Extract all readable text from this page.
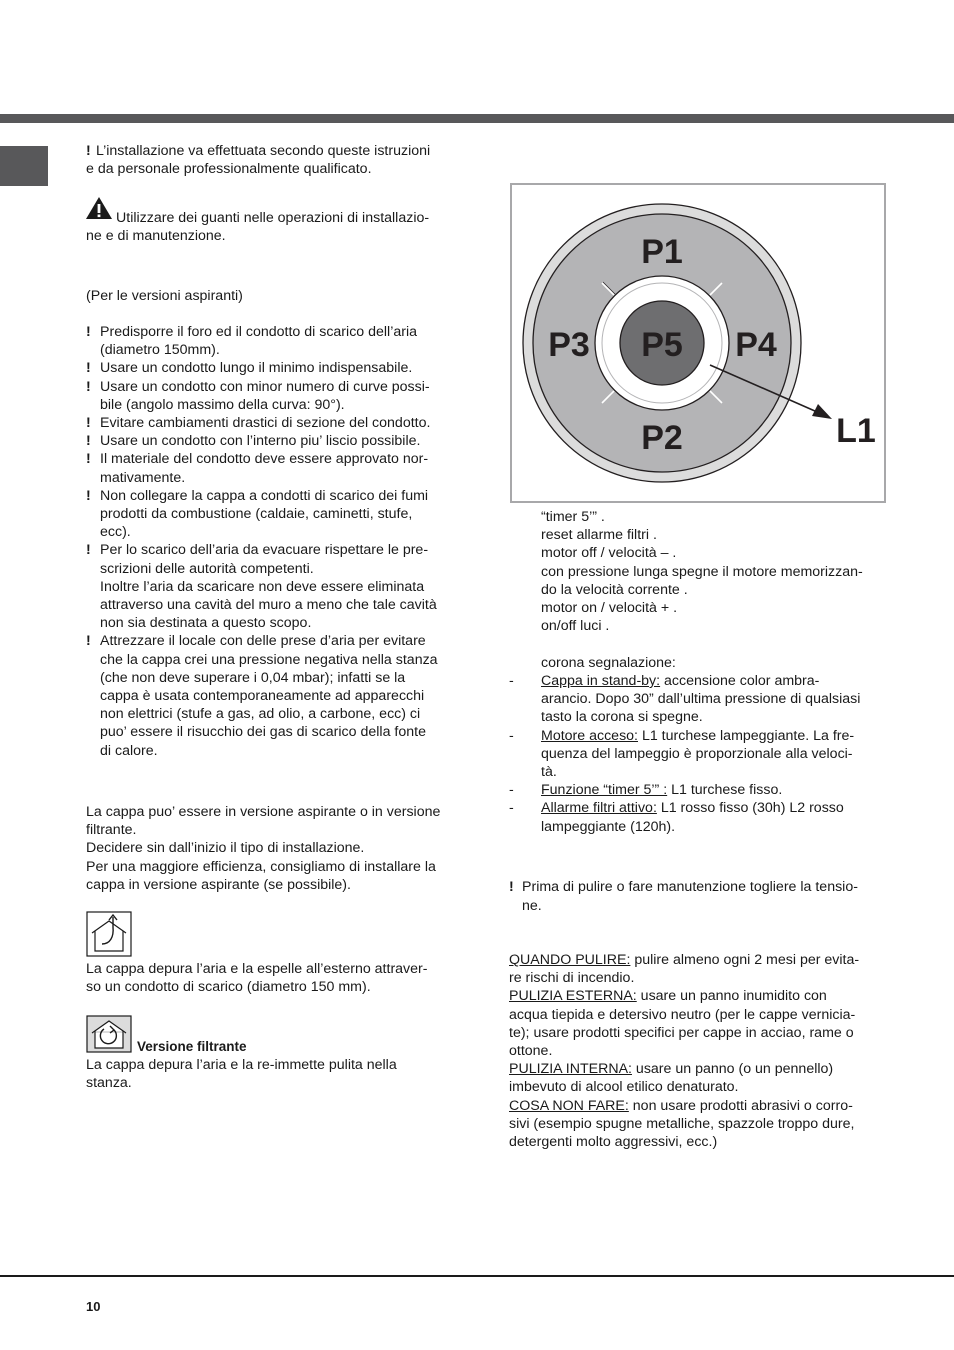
! L’installazione va effettuata secondo queste istruzioni
e da personale professionalmente qualificato.
Utilizzare dei guanti nelle operazioni di installazio-
ne e di manutenzione.
(Per le versioni aspiranti)
! Predisporre il foro ed il condotto di scarico dell’aria
(diametro 150mm).
! Usare un condotto lungo il minimo indispensabile.
! Usare un condotto con minor numero di curve possi-
bile (angolo massimo della curva: 90°).
! Evitare cambiamenti drastici di sezione del condotto.
! Usare un condotto con l’interno piu’ liscio possibile.
! Il materiale del condotto deve essere approvato nor-
mativamente.
! Non collegare la cappa a condotti di scarico dei fumi
prodotti da combustione (caldaie, caminetti, stufe,
ecc).
! Per lo scarico dell’aria da evacuare rispettare le pre-
scrizioni delle autorità competenti.
Inoltre l’aria da scaricare non deve essere eliminata
attraverso una cavità del muro a meno che tale cavità
non sia destinata a questo scopo.
! Attrezzare il locale con delle prese d’aria per evitare
che la cappa crei una pressione negativa nella stanza
(che non deve superare i 0,04 mbar); infatti se la
cappa è usata contemporaneamente ad apparecchi
non elettrici (stufe a gas, ad olio, a carbone, ecc) ci
puo’ essere il risucchio dei gas di scarico della fonte
di calore.
La cappa puo’ essere in versione aspirante o in versione
filtrante.
Decidere sin dall’inizio il tipo di installazione.
Per una maggiore efficienza, consigliamo di installare la
cappa in versione aspirante (se possibile).
La cappa depura l’aria e la espelle all’esterno attraver-
so un condotto di scarico (diametro 150 mm).
Versione filtrante
La cappa depura l’aria e la re-immette pulita nella
stanza.
P1
P2
P3	P4
P5
L1
“timer 5’” .
reset allarme filtri .
motor off / velocità – .
con pressione lunga spegne il motore memorizzan-
do la velocità corrente .
motor on / velocità + .
on/off luci .
corona segnalazione:
- Cappa in stand-by: accensione color ambra-
arancio. Dopo 30” dall’ultima pressione di qualsiasi
tasto la corona si spegne.
- Motore acceso: L1 turchese lampeggiante. La fre-
quenza del lampeggio è proporzionale alla veloci-
tà.
- Funzione “timer 5’” : L1 turchese fisso.
- Allarme filtri attivo: L1 rosso fisso (30h) L2 rosso
lampeggiante (120h).
! Prima di pulire o fare manutenzione togliere la tensio-
ne.
QUANDO PULIRE: pulire almeno ogni 2 mesi per evita-
re rischi di incendio.
PULIZIA ESTERNA: usare un panno inumidito con
acqua tiepida e detersivo neutro (per le cappe vernicia-
te); usare prodotti specifici per cappe in acciao, rame o
ottone.
PULIZIA INTERNA: usare un panno (o un pennello)
imbevuto di alcool etilico denaturato.
COSA NON FARE: non usare prodotti abrasivi o corro-
sivi (esempio spugne metalliche, spazzole troppo dure,
detergenti molto aggressivi, ecc.)
10
